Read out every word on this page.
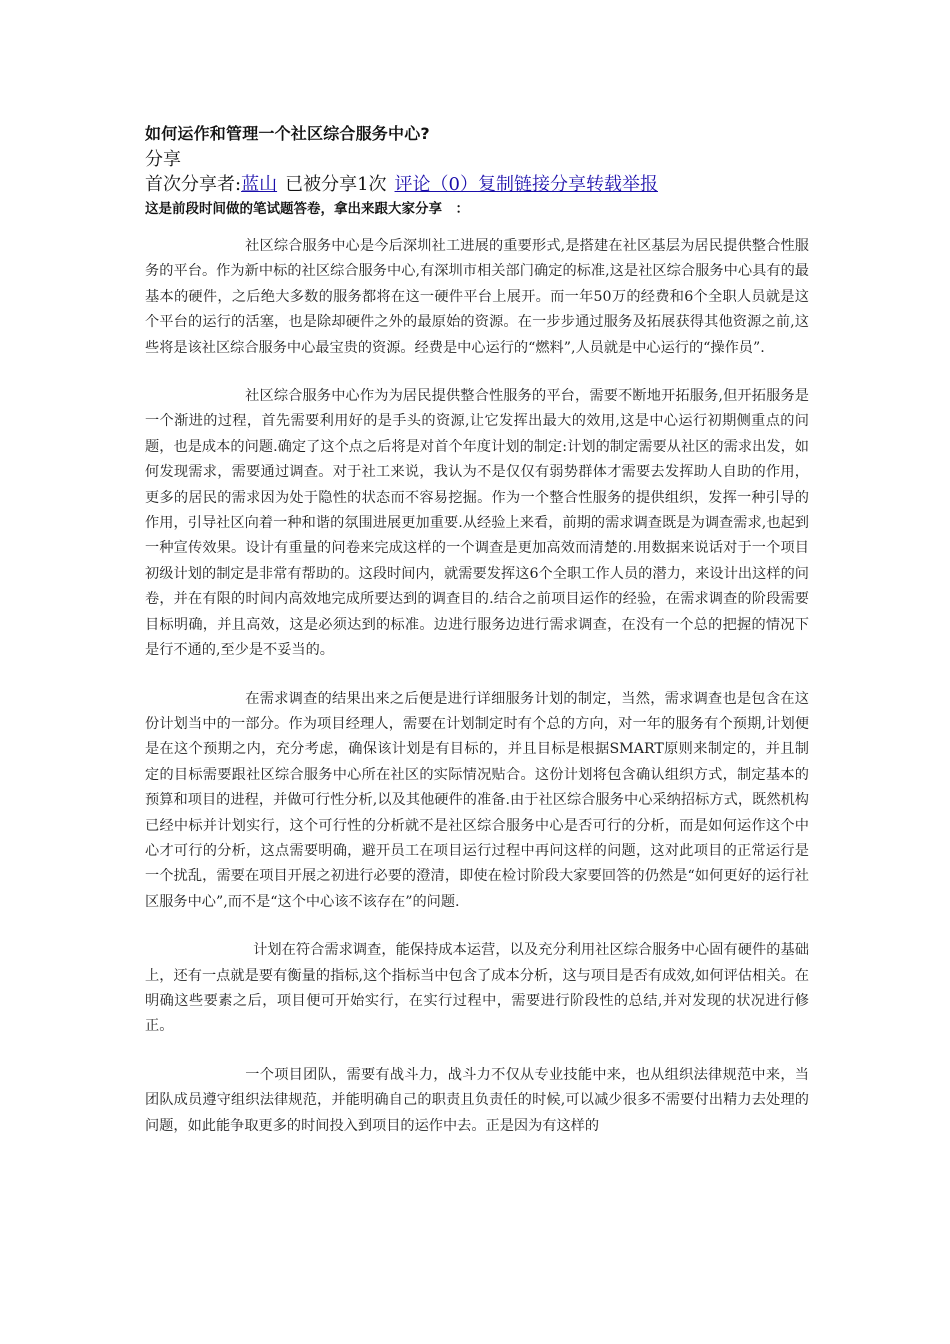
如何运作和管理一个社区综合服务中心?
分享
首次分享者:蓝山 已被分享1次 评论（0）复制链接分享转载举报
这是前段时间做的笔试题答卷，拿出来跟大家分享　：

社区综合服务中心是今后深圳社工进展的重要形式,是搭建在社区基层为居民提供整合性服务的平台。作为新中标的社区综合服务中心,有深圳市相关部门确定的标准,这是社区综合服务中心具有的最基本的硬件，之后绝大多数的服务都将在这一硬件平台上展开。而一年50万的经费和6个全职人员就是这个平台的运行的活塞，也是除却硬件之外的最原始的资源。在一步步通过服务及拓展获得其他资源之前,这些将是该社区综合服务中心最宝贵的资源。经费是中心运行的“燃料”,人员就是中心运行的“操作员”.

社区综合服务中心作为为居民提供整合性服务的平台，需要不断地开拓服务,但开拓服务是一个渐进的过程，首先需要利用好的是手头的资源,让它发挥出最大的效用,这是中心运行初期侧重点的问题，也是成本的问题.确定了这个点之后将是对首个年度计划的制定:计划的制定需要从社区的需求出发，如何发现需求，需要通过调查。对于社工来说，我认为不是仅仅有弱势群体才需要去发挥助人自助的作用，更多的居民的需求因为处于隐性的状态而不容易挖掘。作为一个整合性服务的提供组织，发挥一种引导的作用，引导社区向着一种和谐的氛围进展更加重要.从经验上来看，前期的需求调查既是为调查需求,也起到一种宣传效果。设计有重量的问卷来完成这样的一个调查是更加高效而清楚的.用数据来说话对于一个项目初级计划的制定是非常有帮助的。这段时间内，就需要发挥这6个全职工作人员的潜力，来设计出这样的问卷，并在有限的时间内高效地完成所要达到的调查目的.结合之前项目运作的经验，在需求调查的阶段需要目标明确，并且高效，这是必须达到的标准。边进行服务边进行需求调查，在没有一个总的把握的情况下是行不通的,至少是不妥当的。

在需求调查的结果出来之后便是进行详细服务计划的制定，当然，需求调查也是包含在这份计划当中的一部分。作为项目经理人，需要在计划制定时有个总的方向，对一年的服务有个预期,计划便是在这个预期之内，充分考虑，确保该计划是有目标的，并且目标是根据SMART原则来制定的，并且制定的目标需要跟社区综合服务中心所在社区的实际情况贴合。这份计划将包含确认组织方式，制定基本的预算和项目的进程，并做可行性分析,以及其他硬件的准备.由于社区综合服务中心采纳招标方式，既然机构已经中标并计划实行，这个可行性的分析就不是社区综合服务中心是否可行的分析，而是如何运作这个中心才可行的分析，这点需要明确，避开员工在项目运行过程中再问这样的问题，这对此项目的正常运行是一个扰乱，需要在项目开展之初进行必要的澄清，即使在检讨阶段大家要回答的仍然是“如何更好的运行社区服务中心”,而不是“这个中心该不该存在”的问题.

计划在符合需求调查，能保持成本运营，以及充分利用社区综合服务中心固有硬件的基础上，还有一点就是要有衡量的指标,这个指标当中包含了成本分析，这与项目是否有成效,如何评估相关。在明确这些要素之后，项目便可开始实行，在实行过程中，需要进行阶段性的总结,并对发现的状况进行修正。

一个项目团队，需要有战斗力，战斗力不仅从专业技能中来，也从组织法律规范中来，当团队成员遵守组织法律规范，并能明确自己的职责且负责任的时候,可以减少很多不需要付出精力去处理的问题，如此能争取更多的时间投入到项目的运作中去。正是因为有这样的
